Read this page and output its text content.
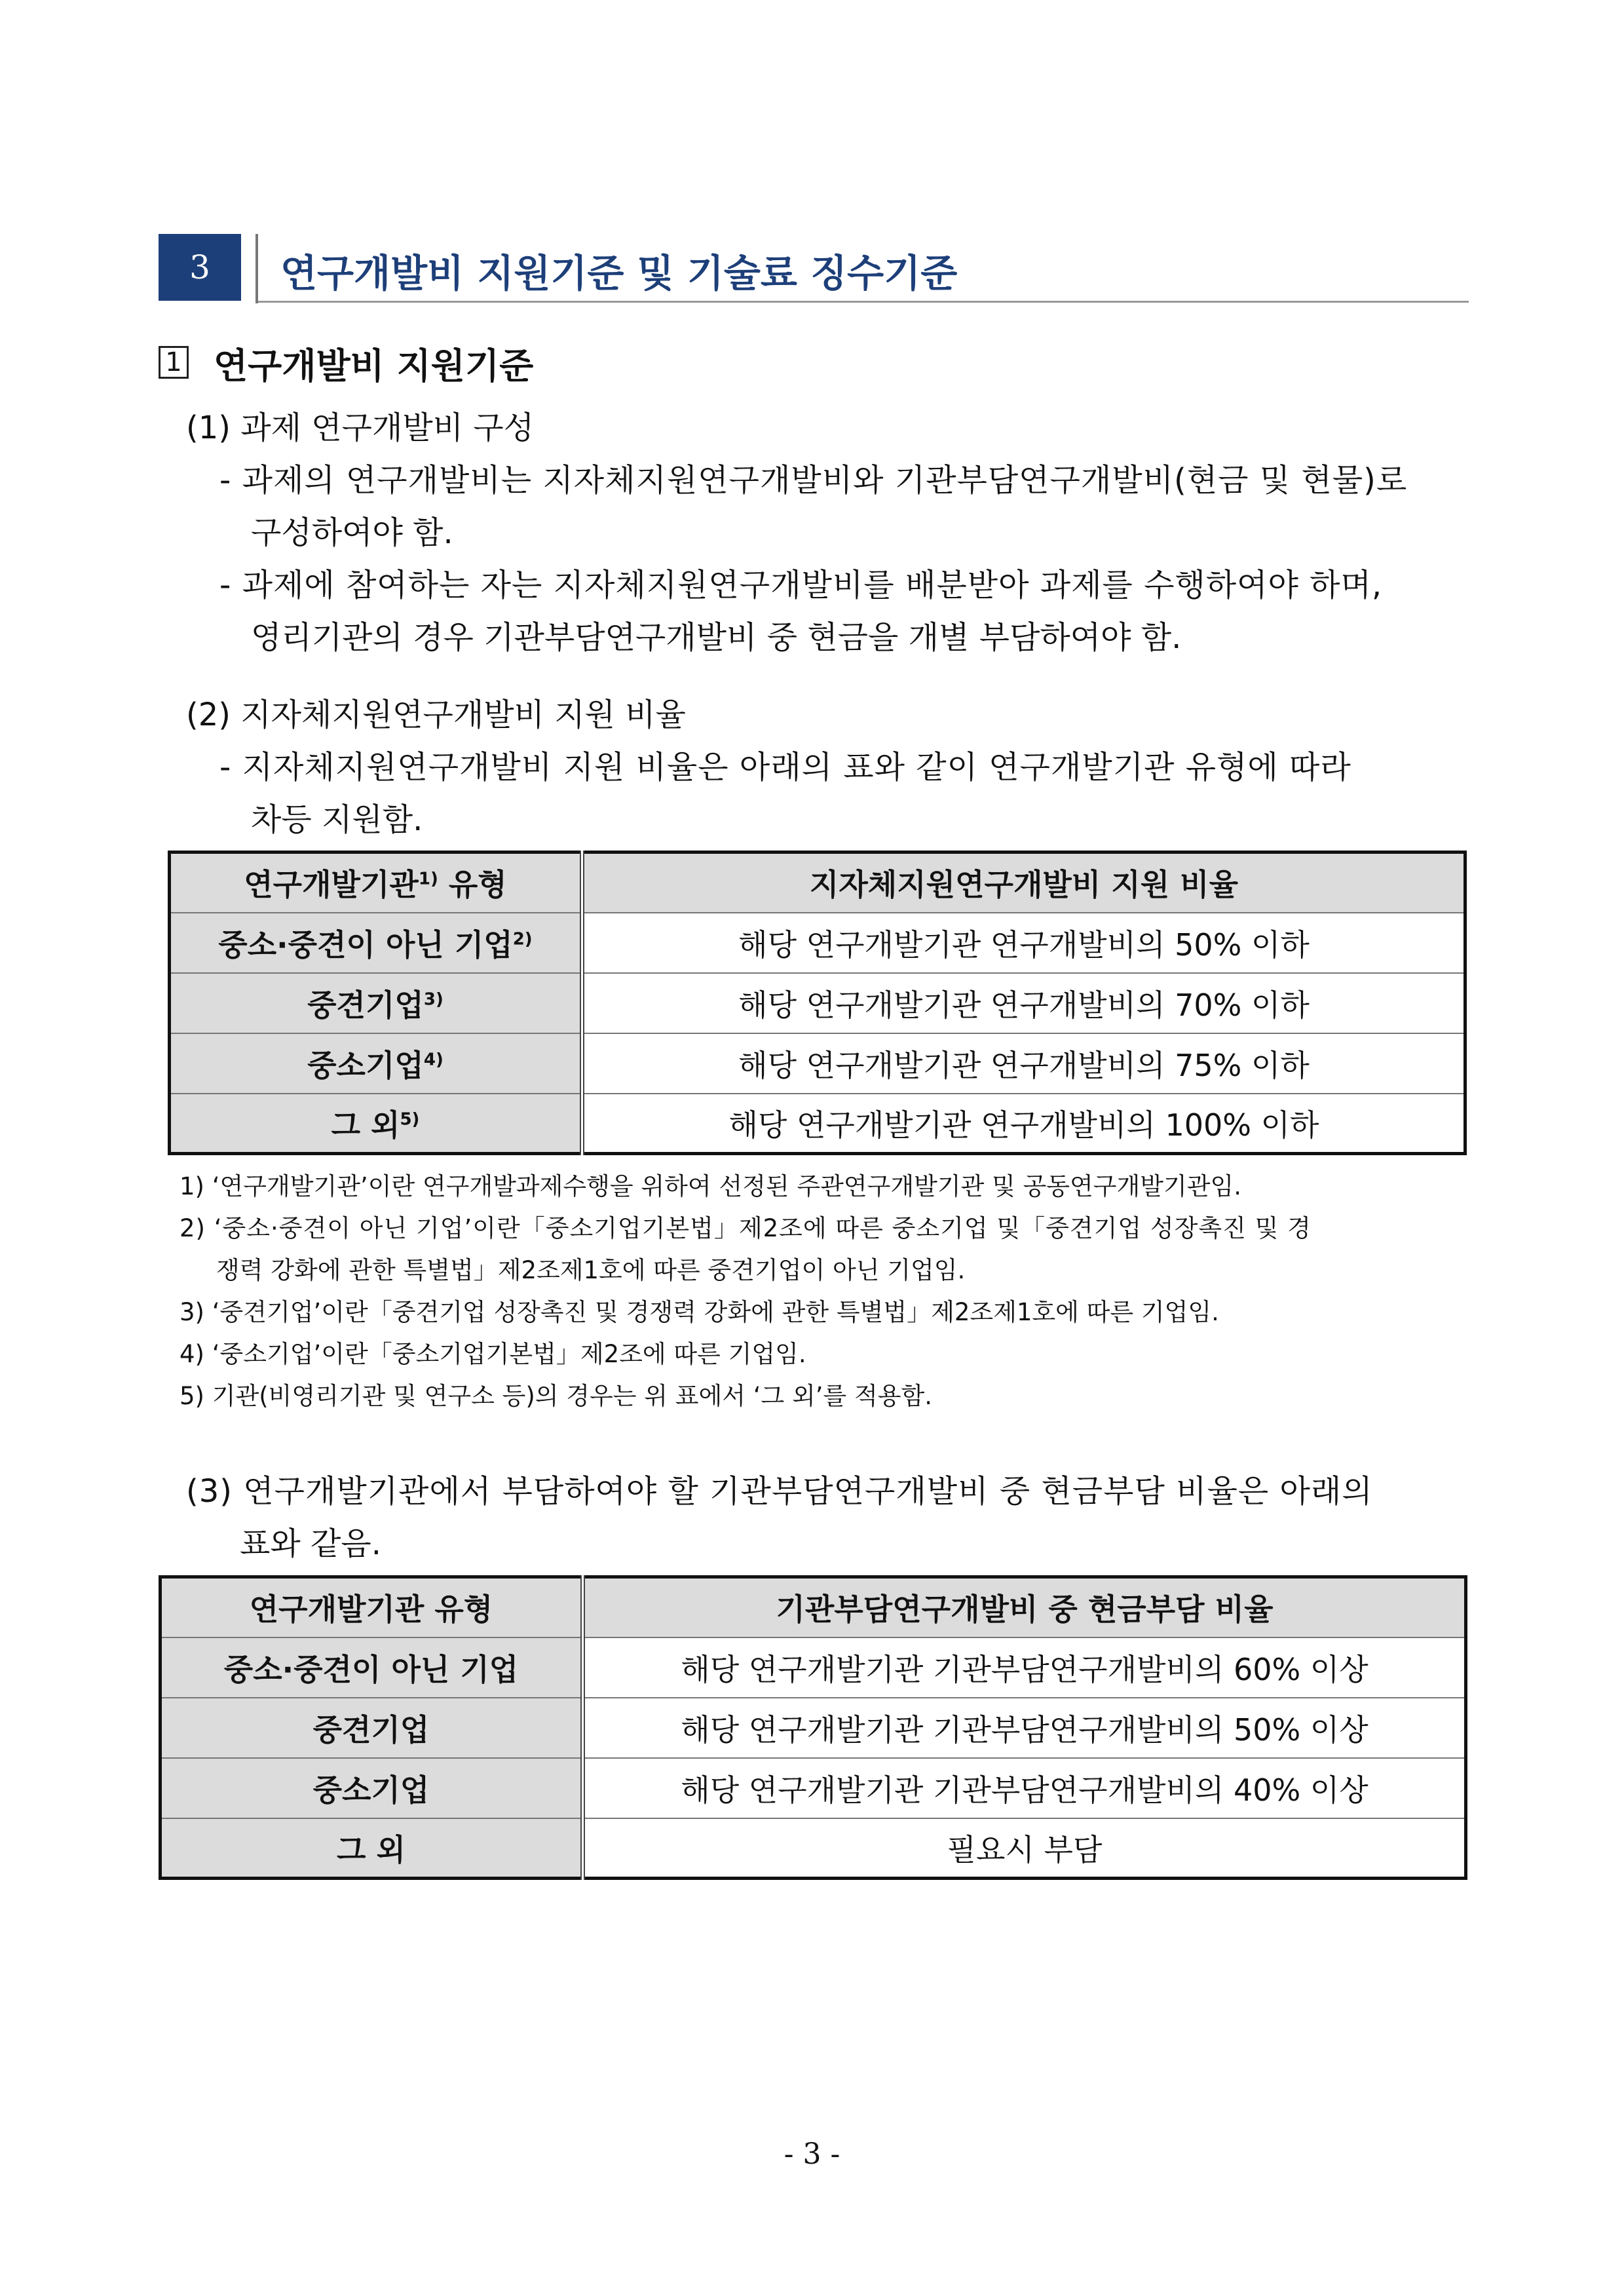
3	연구개발비 지원기준 및 기술료 징수기준
1 연구개발비 지원기준
(1) 과제 연구개발비 구성
- 과제의 연구개발비는 지자체지원연구개발비와 기관부담연구개발비(현금 및 현물)로
구성하여야 함.
- 과제에 참여하는 자는 지자체지원연구개발비를 배분받아 과제를 수행하여야 하며,
영리기관의 경우 기관부담연구개발비 중 현금을 개별 부담하여야 함.
(2) 지자체지원연구개발비 지원 비율
- 지자체지원연구개발비 지원 비율은 아래의 표와 같이 연구개발기관 유형에 따라
차등 지원함.
연구개발기관$^{1)}$ 유형	지자체지원연구개발비 지원 비율
중소·중견이 아닌 기업$^{2)}$	해당 연구개발기관 연구개발비의 50% 이하
중견기업$^{3)}$	해당 연구개발기관 연구개발비의 70% 이하
중소기업$^{4)}$	해당 연구개발기관 연구개발비의 75% 이하
그 외$^{5)}$	해당 연구개발기관 연구개발비의 100% 이하
1) ‘연구개발기관’이란 연구개발과제수행을 위하여 선정된 주관연구개발기관 및 공동연구개발기관임.
2) ‘중소·중견이 아닌 기업’이란「중소기업기본법」제2조에 따른 중소기업 및「중견기업 성장촉진 및 경
쟁력 강화에 관한 특별법」제2조제1호에 따른 중견기업이 아닌 기업임.
3) ‘중견기업’이란「중견기업 성장촉진 및 경쟁력 강화에 관한 특별법」제2조제1호에 따른 기업임.
4) ‘중소기업’이란「중소기업기본법」제2조에 따른 기업임.
5) 기관(비영리기관 및 연구소 등)의 경우는 위 표에서 ‘그 외’를 적용함.
(3) 연구개발기관에서 부담하여야 할 기관부담연구개발비 중 현금부담 비율은 아래의
표와 같음.
연구개발기관 유형	기관부담연구개발비 중 현금부담 비율
중소·중견이 아닌 기업	해당 연구개발기관 기관부담연구개발비의 60% 이상
중견기업	해당 연구개발기관 기관부담연구개발비의 50% 이상
중소기업	해당 연구개발기관 기관부담연구개발비의 40% 이상
그 외	필요시 부담
- 3 -
